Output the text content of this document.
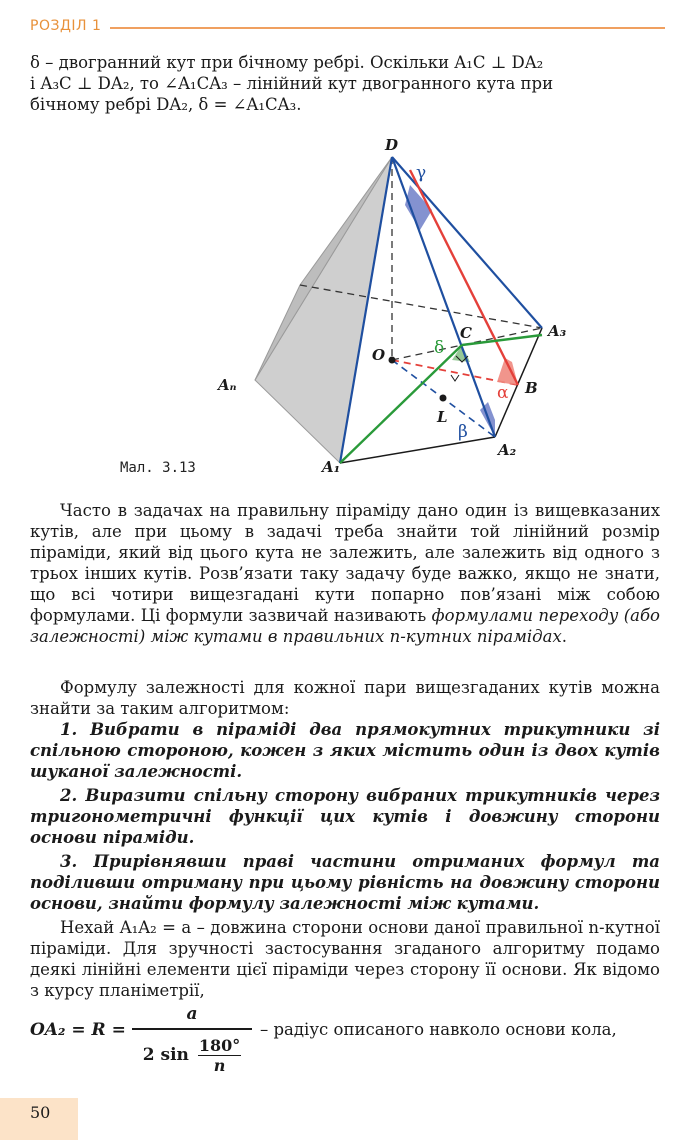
РОЗДІЛ 1

δ – двогранний кут при бічному ребрі. Оскільки A₁C ⊥ DA₂
і A₃C ⊥ DA₂, то ∠A₁CA₃ – лінійний кут двогранного кута при
бічному ребрі DA₂, δ = ∠A₁CA₃.

D
O
C	A₃
B
L
A₂
A₁
Aₙ
γ
δ
α
β
Мал. 3.13

Часто в задачах на правильну піраміду дано один із вищевказаних кутів, але при цьому в задачі треба знайти той лінійний розмір піраміди, який від цього кута не залежить, але залежить від одного з трьох інших кутів. Розв’язати таку задачу буде важко, якщо не знати, що всі чотири вищезгадані кути попарно пов’язані між собою формулами. Ці формули зазвичай називають формулами переходу (або залежності) між кутами в правильних n-кутних пірамідах.

Формулу залежності для кожної пари вищезгаданих кутів можна знайти за таким алгоритмом:

1. Вибрати в піраміді два прямокутних трикутники зі спільною стороною, кожен з яких містить один із двох кутів шуканої залежності.

2. Виразити спільну сторону вибраних трикутників через тригонометричні функції цих кутів і довжину сторони основи піраміди.

3. Прирівнявши праві частини отриманих формул та поділивши отриману при цьому рівність на довжину сторони основи, знайти формулу залежності між кутами.

Нехай A₁A₂ = a – довжина сторони основи даної правильної n-кутної піраміди. Для зручності застосування згаданого алгоритму подамо деякі лінійні елементи цієї піраміди через сторону її основи. Як відомо з курсу планіметрії,

OA₂ = R =
a
2 $\sin \frac{180^\circ}{n}$
– радіус описаного навколо основи кола,
50
